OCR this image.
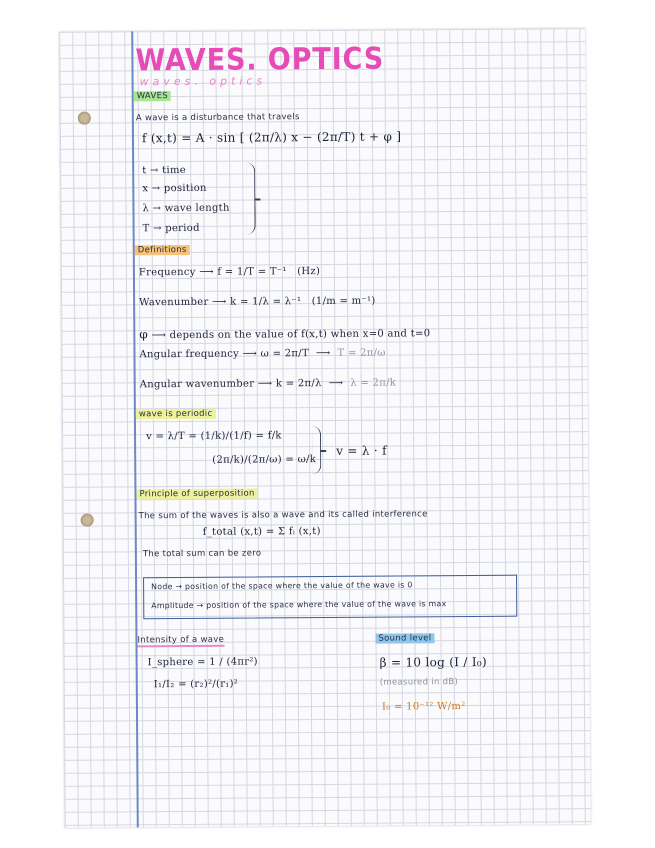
WAVES. OPTICS
waves. optics
WAVES
A wave is a disturbance that travels
f (x,t) = A · sin [ (2π/λ) x − (2π/T) t + φ ]
t → time
x → position
λ → wave length
T → period
Definitions
Frequency ⟶ f = 1/T = T⁻¹ (Hz)
Wavenumber ⟶ k = 1/λ = λ⁻¹ (1/m = m⁻¹)
φ ⟶ depends on the value of f(x,t) when x=0 and t=0
Angular frequency ⟶ ω = 2π/T  ⟶  T = 2π/ω
Angular wavenumber ⟶ k = 2π/λ  ⟶  λ = 2π/k
wave is periodic
v = λ/T = (1/k)/(1/f) = f/k
(2π/k)/(2π/ω) = ω/k
v = λ · f
Principle of superposition
The sum of the waves is also a wave and its called interference
f_total (x,t) = Σ fᵢ (x,t)
The total sum can be zero
Node → position of the space where the value of the wave is 0
Amplitude → position of the space where the value of the wave is max
Intensity of a wave
I_sphere = 1 / (4πr²)
I₁/I₂ = (r₂)²/(r₁)²
Sound level
β = 10 log (I / I₀)
(measured in dB)
I₀ = 10⁻¹² W/m²
